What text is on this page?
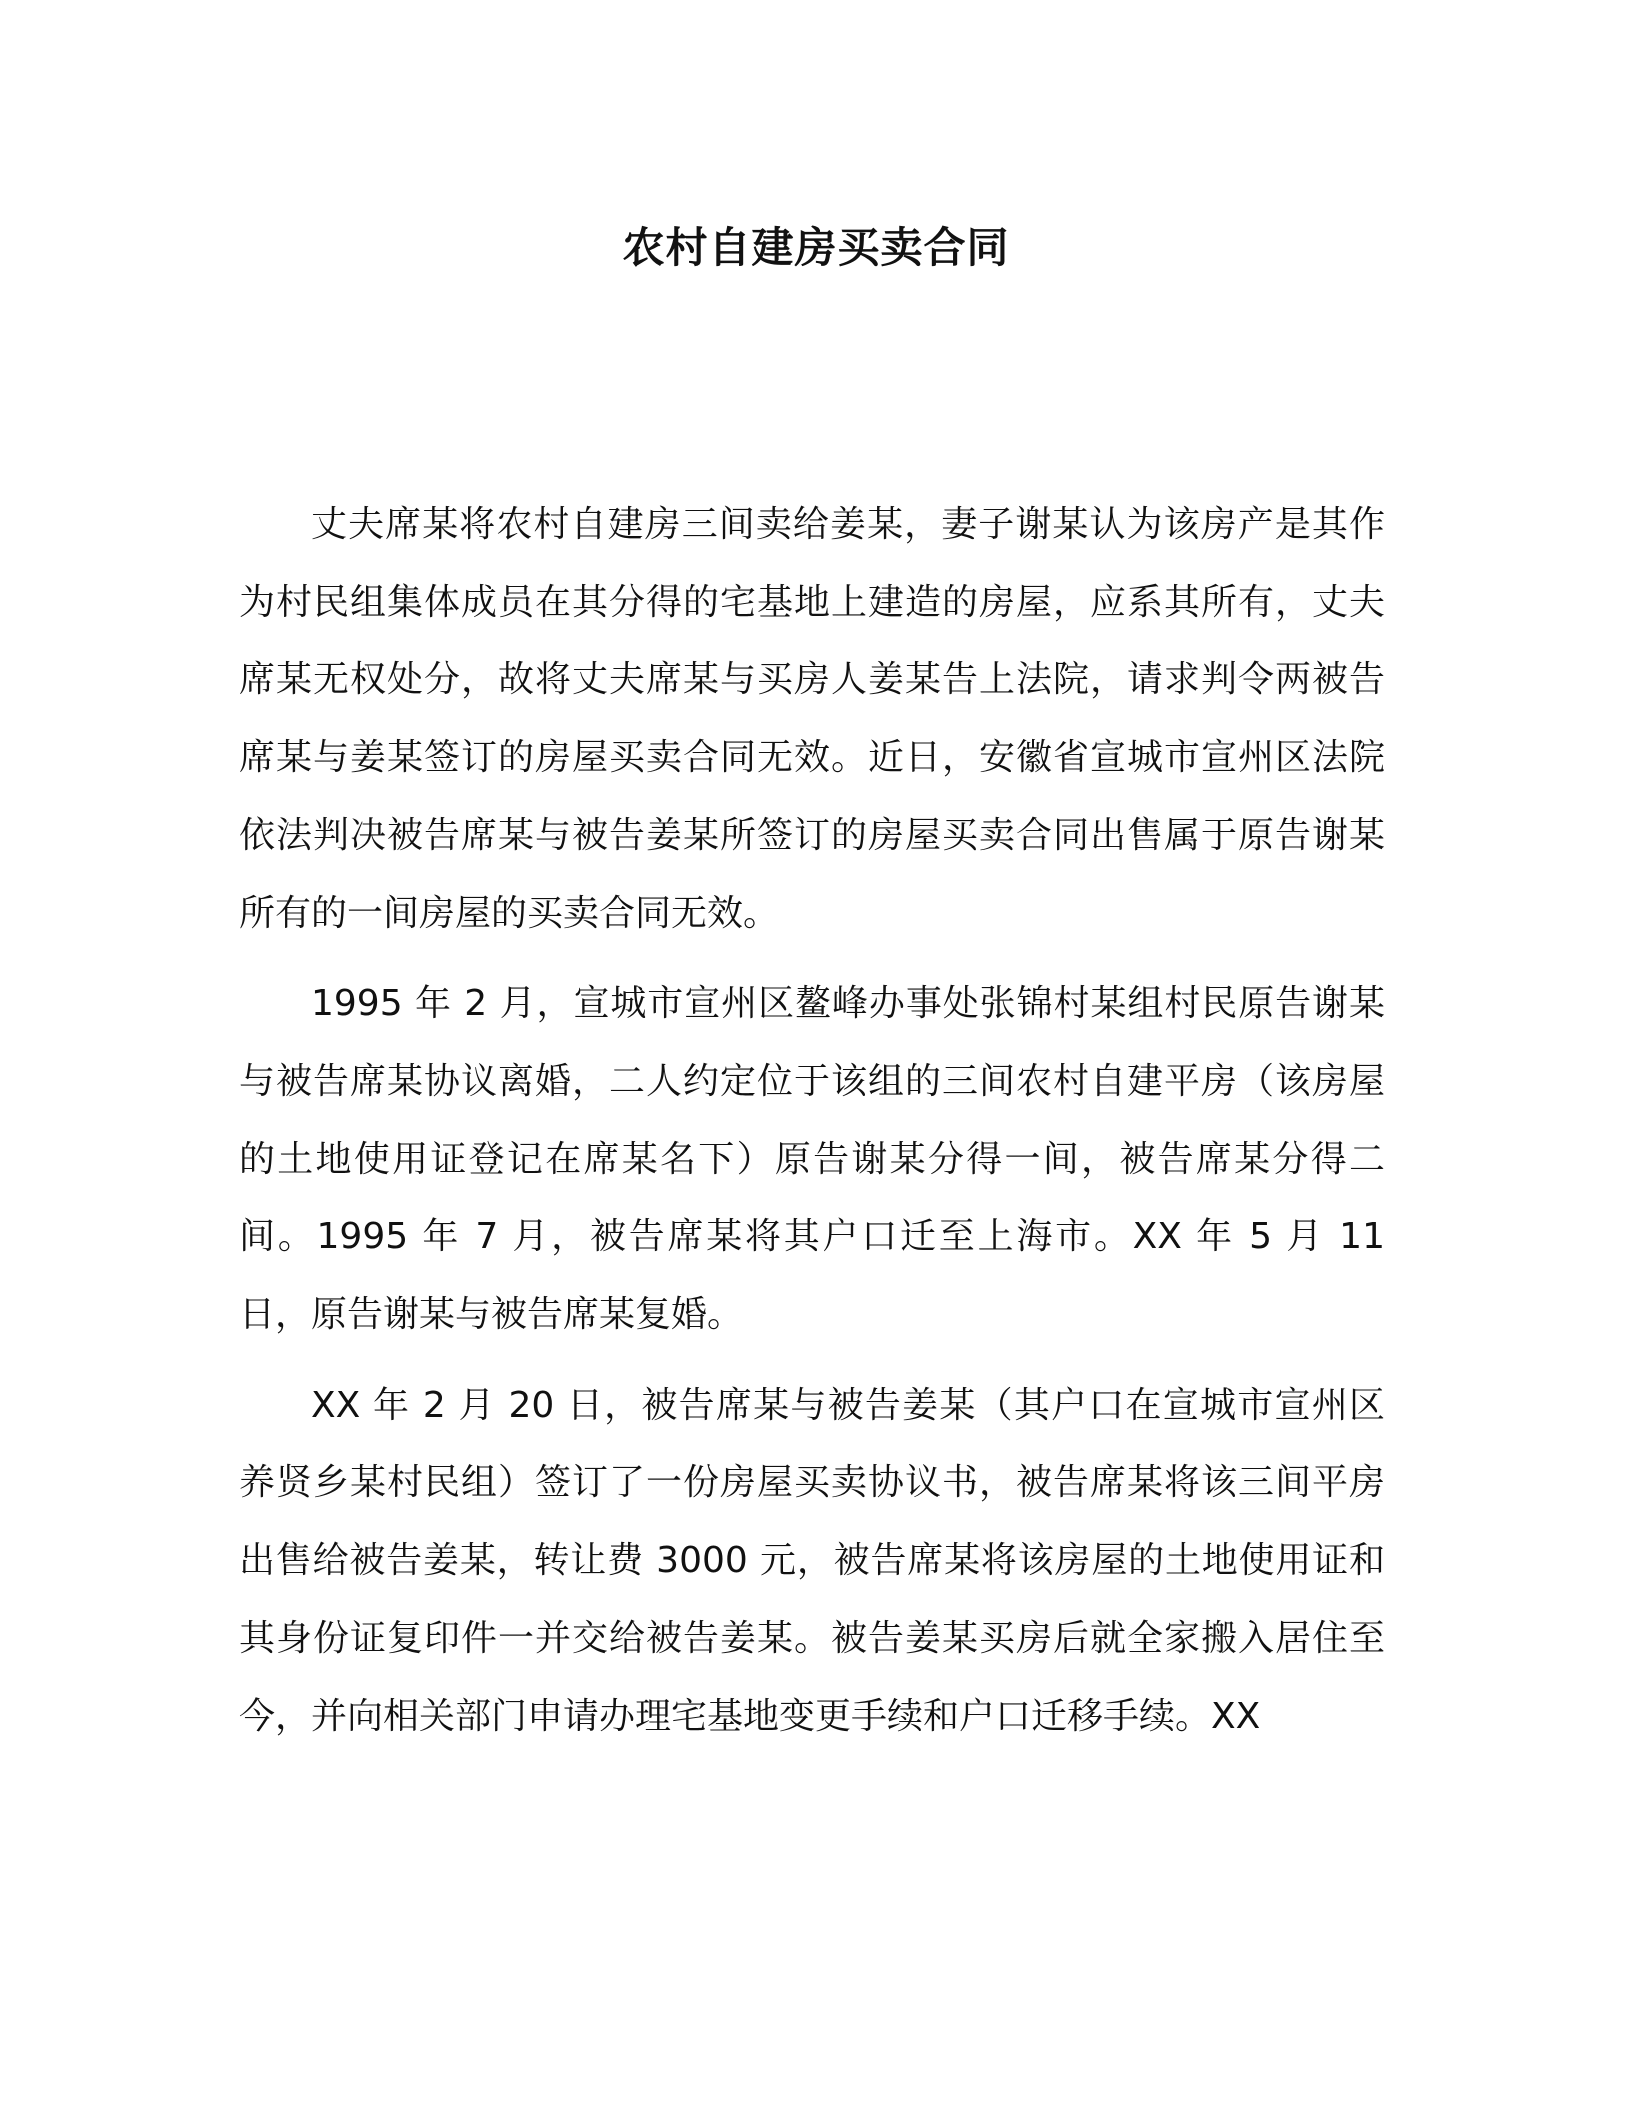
农村自建房买卖合同

丈夫席某将农村自建房三间卖给姜某，妻子谢某认为该房产是其作为村民组集体成员在其分得的宅基地上建造的房屋，应系其所有，丈夫席某无权处分，故将丈夫席某与买房人姜某告上法院，请求判令两被告席某与姜某签订的房屋买卖合同无效。近日，安徽省宣城市宣州区法院依法判决被告席某与被告姜某所签订的房屋买卖合同出售属于原告谢某所有的一间房屋的买卖合同无效。

1995 年 2 月，宣城市宣州区鳌峰办事处张锦村某组村民原告谢某与被告席某协议离婚，二人约定位于该组的三间农村自建平房（该房屋的土地使用证登记在席某名下）原告谢某分得一间，被告席某分得二间。1995 年 7 月，被告席某将其户口迁至上海市。XX 年 5 月 11 日，原告谢某与被告席某复婚。

XX 年 2 月 20 日，被告席某与被告姜某（其户口在宣城市宣州区养贤乡某村民组）签订了一份房屋买卖协议书，被告席某将该三间平房出售给被告姜某，转让费 3000 元，被告席某将该房屋的土地使用证和其身份证复印件一并交给被告姜某。被告姜某买房后就全家搬入居住至今，并向相关部门申请办理宅基地变更手续和户口迁移手续。XX
